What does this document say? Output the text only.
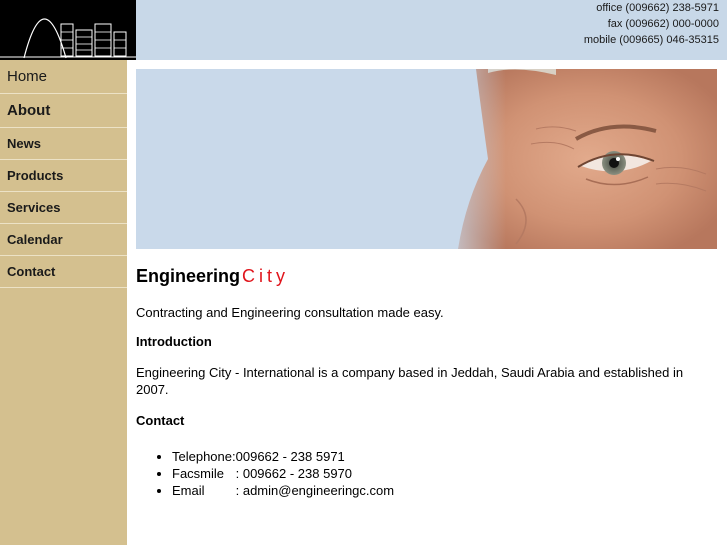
office (009662) 238-5971
fax (009662) 000-0000
mobile (009665) 046-35315
Home
About
News
Products
Services
Calendar
Contact	Engineering City

Contracting and Engineering consultation made easy.

Introduction

Engineering City - International is a company based in Jeddah, Saudi Arabia and established in 2007.

Contact

• Telephone: 009662 - 238 5971
• Facsmile : 009662 - 238 5970
• Email : admin@engineeringc.com
